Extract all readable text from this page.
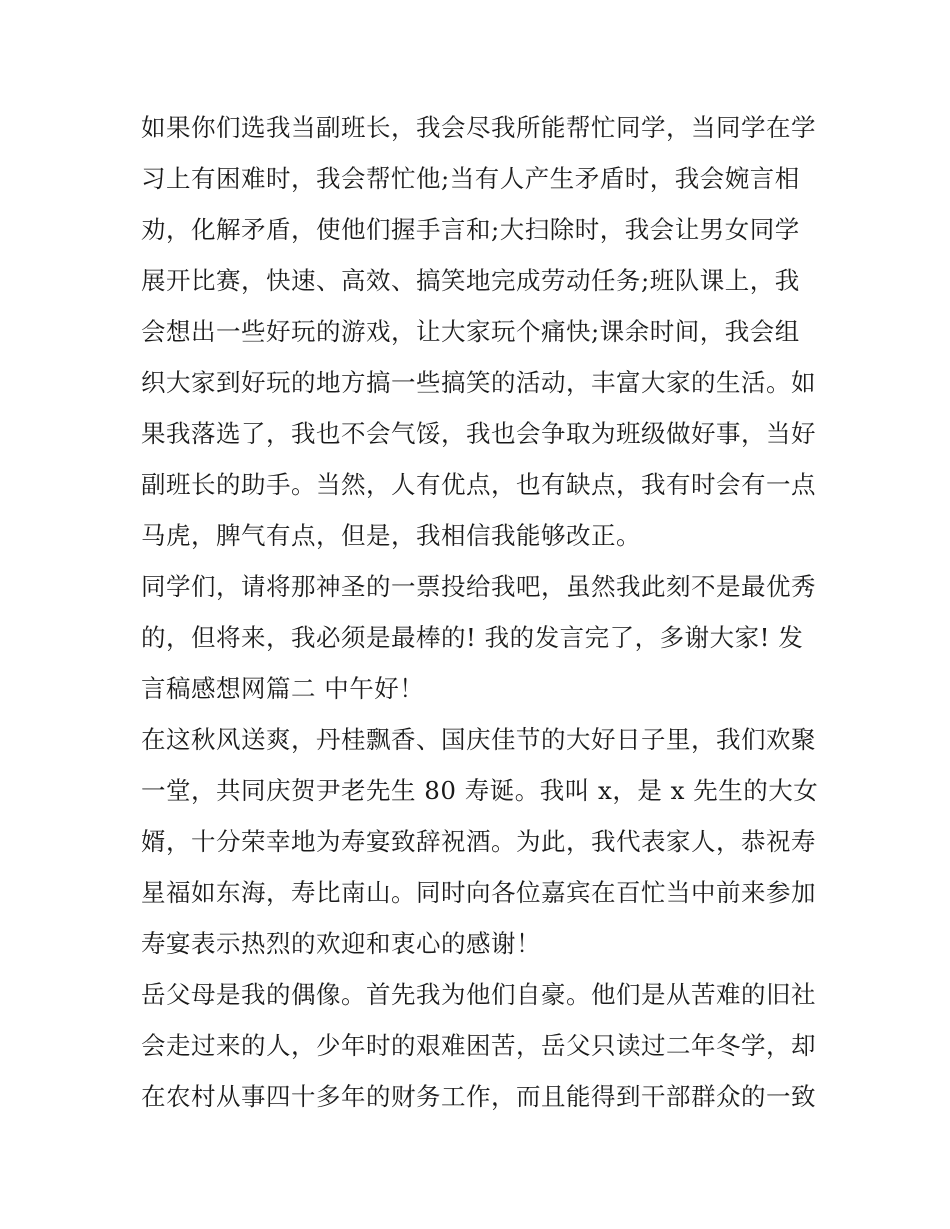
如果你们选我当副班长，我会尽我所能帮忙同学，当同学在学
习上有困难时，我会帮忙他;当有人产生矛盾时，我会婉言相
劝，化解矛盾，使他们握手言和;大扫除时，我会让男女同学
展开比赛，快速、高效、搞笑地完成劳动任务;班队课上，我
会想出一些好玩的游戏，让大家玩个痛快;课余时间，我会组
织大家到好玩的地方搞一些搞笑的活动，丰富大家的生活。如
果我落选了，我也不会气馁，我也会争取为班级做好事，当好
副班长的助手。当然，人有优点，也有缺点，我有时会有一点
马虎，脾气有点，但是，我相信我能够改正。
同学们，请将那神圣的一票投给我吧，虽然我此刻不是最优秀
的，但将来，我必须是最棒的! 我的发言完了，多谢大家! 发
言稿感想网篇二 中午好！
在这秋风送爽，丹桂飘香、国庆佳节的大好日子里，我们欢聚
一堂，共同庆贺尹老先生 80 寿诞。我叫 x，是 x 先生的大女
婿，十分荣幸地为寿宴致辞祝酒。为此，我代表家人，恭祝寿
星福如东海，寿比南山。同时向各位嘉宾在百忙当中前来参加
寿宴表示热烈的欢迎和衷心的感谢！
岳父母是我的偶像。首先我为他们自豪。他们是从苦难的旧社
会走过来的人，少年时的艰难困苦，岳父只读过二年冬学，却
在农村从事四十多年的财务工作，而且能得到干部群众的一致
